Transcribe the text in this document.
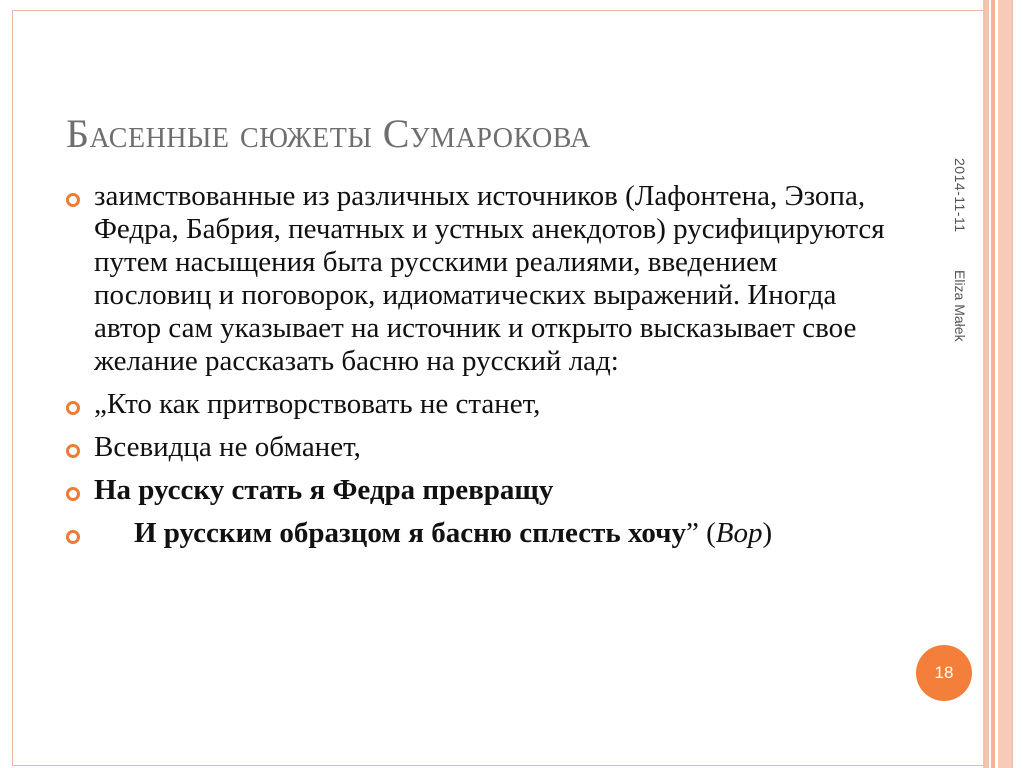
Басенные сюжеты Сумарокова
заимствованные из различных источников (Лафонтена, Эзопа, Федра, Бабрия, печатных и устных анекдотов) русифицируются путем насыщения быта русскими реалиями, введением пословиц и поговорок, идиоматических выражений. Иногда автор сам указывает на источник и открыто высказывает свое желание рассказать басню на русский лад:
„Кто как притворствовать не станет,
Всевидца не обманет,
На русску стать я Федра превращу
И русским образцом я басню сплесть хочу” (Вор)
2014-11-11
Eliza Małek
18
